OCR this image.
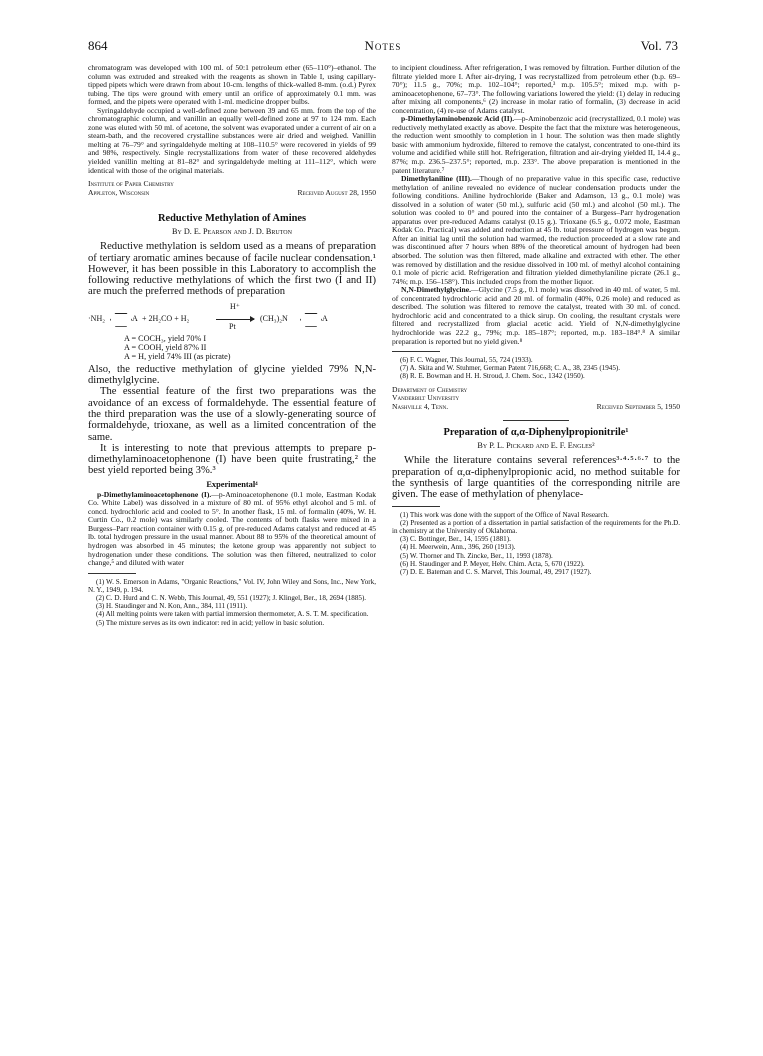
864	Notes	Vol. 73

chromatogram was developed with 100 ml. of 50:1 petroleum ether (65–110°)–ethanol. The column was extruded and streaked with the reagents as shown in Table I, using capillary-tipped pipets which were drawn from about 10-cm. lengths of thick-walled 8-mm. (o.d.) Pyrex tubing. The tips were ground with emery until an orifice of approximately 0.1 mm. was formed, and the pipets were operated with 1-ml. medicine dropper bulbs.

Syringaldehyde occupied a well-defined zone between 39 and 65 mm. from the top of the chromatographic column, and vanillin an equally well-defined zone at 97 to 124 mm. Each zone was eluted with 50 ml. of acetone, the solvent was evaporated under a current of air on a steam-bath, and the recovered crystalline substances were air dried and weighed. Vanillin melting at 76–79° and syringaldehyde melting at 108–110.5° were recovered in yields of 99 and 98%, respectively. Single recrystallizations from water of these recovered aldehydes yielded vanillin melting at 81–82° and syringaldehyde melting at 111–112°, which were identical with those of the original materials.

Institute of Paper Chemistry
Appleton, Wisconsin	Received August 28, 1950
Reductive Methylation of Amines
By D. E. Pearson and J. D. Bruton

Reductive methylation is seldom used as a means of preparation of tertiary aromatic amines because of facile nuclear condensation.¹ However, it has been possible in this Laboratory to accomplish the following reductive methylations of which the first two (I and II) are much the preferred methods of preparation

·NH₂	A + 2H₂CO + H₂
H⁺
Pt
(CH₃)₂N	A
A = COCH₃, yield 70% I
A = COOH, yield 87% II
A = H, yield 74% III (as picrate)

Also, the reductive methylation of glycine yielded 79% N,N-dimethylglycine.

The essential feature of the first two preparations was the avoidance of an excess of formaldehyde. The essential feature of the third preparation was the use of a slowly-generating source of formaldehyde, trioxane, as well as a limited concentration of the same.

It is interesting to note that previous attempts to prepare p-dimethylaminoacetophenone (I) have been quite frustrating,² the best yield reported being 3%.³

Experimental⁴

p-Dimethylaminoacetophenone (I).—p-Aminoacetophenone (0.1 mole, Eastman Kodak Co. White Label) was dissolved in a mixture of 80 ml. of 95% ethyl alcohol and 5 ml. of concd. hydrochloric acid and cooled to 5°. In another flask, 15 ml. of formalin (40%, W. H. Curtin Co., 0.2 mole) was similarly cooled. The contents of both flasks were mixed in a Burgess–Parr reaction container with 0.15 g. of pre-reduced Adams catalyst and reduced at 45 lb. total hydrogen pressure in the usual manner. About 88 to 95% of the theoretical amount of hydrogen was absorbed in 45 minutes; the ketone group was apparently not subject to hydrogenation under these conditions. The solution was then filtered, neutralized to color change,⁵ and diluted with water

(1) W. S. Emerson in Adams, "Organic Reactions," Vol. IV, John Wiley and Sons, Inc., New York, N. Y., 1949, p. 194.

(2) C. D. Hurd and C. N. Webb, This Journal, 49, 551 (1927); J. Klingel, Ber., 18, 2694 (1885).

(3) H. Staudinger and N. Kon, Ann., 384, 111 (1911).

(4) All melting points were taken with partial immersion thermometer, A. S. T. M. specification.

(5) The mixture serves as its own indicator: red in acid; yellow in basic solution.

to incipient cloudiness. After refrigeration, I was removed by filtration. Further dilution of the filtrate yielded more I. After air-drying, I was recrystallized from petroleum ether (b.p. 69–70°); 11.5 g., 70%; m.p. 102–104°; reported,³ m.p. 105.5°; mixed m.p. with p-aminoacetophenone, 67–73°. The following variations lowered the yield: (1) delay in reducing after mixing all components,⁶ (2) increase in molar ratio of formalin, (3) decrease in acid concentration, (4) re-use of Adams catalyst.

p-Dimethylaminobenzoic Acid (II).—p-Aminobenzoic acid (recrystallized, 0.1 mole) was reductively methylated exactly as above. Despite the fact that the mixture was heterogeneous, the reduction went smoothly to completion in 1 hour. The solution was then made slightly basic with ammonium hydroxide, filtered to remove the catalyst, concentrated to one-third its volume and acidified while still hot. Refrigeration, filtration and air-drying yielded II, 14.4 g., 87%; m.p. 236.5–237.5°; reported, m.p. 233°. The above preparation is mentioned in the patent literature.⁷

Dimethylaniline (III).—Though of no preparative value in this specific case, reductive methylation of aniline revealed no evidence of nuclear condensation products under the following conditions. Aniline hydrochloride (Baker and Adamson, 13 g., 0.1 mole) was dissolved in a solution of water (50 ml.), sulfuric acid (50 ml.) and alcohol (50 ml.). The solution was cooled to 0° and poured into the container of a Burgess–Parr hydrogenation apparatus over pre-reduced Adams catalyst (0.15 g.). Trioxane (6.5 g., 0.072 mole, Eastman Kodak Co. Practical) was added and reduction at 45 lb. total pressure of hydrogen was begun. After an initial lag until the solution had warmed, the reduction proceeded at a slow rate and was discontinued after 7 hours when 88% of the theoretical amount of hydrogen had been absorbed. The solution was then filtered, made alkaline and extracted with ether. The ether was removed by distillation and the residue dissolved in 100 ml. of methyl alcohol containing 0.1 mole of picric acid. Refrigeration and filtration yielded dimethylaniline picrate (26.1 g., 74%; m.p. 156–158°). This included crops from the mother liquor.

N,N-Dimethylglycine.—Glycine (7.5 g., 0.1 mole) was dissolved in 40 ml. of water, 5 ml. of concentrated hydrochloric acid and 20 ml. of formalin (40%, 0.26 mole) and reduced as described. The solution was filtered to remove the catalyst, treated with 30 ml. of concd. hydrochloric acid and concentrated to a thick sirup. On cooling, the resultant crystals were filtered and recrystallized from glacial acetic acid. Yield of N,N-dimethylglycine hydrochloride was 22.2 g., 79%; m.p. 185–187°; reported, m.p. 183–184°.⁸ A similar preparation is reported but no yield given.⁸

(6) F. C. Wagner, This Journal, 55, 724 (1933).

(7) A. Skita and W. Stuhmer, German Patent 716,668; C. A., 38, 2345 (1945).

(8) R. E. Bowman and H. H. Stroud, J. Chem. Soc., 1342 (1950).

Department of Chemistry
Vanderbilt University
Nashville 4, Tenn.	Received September 5, 1950
Preparation of α,α-Diphenylpropionitrile¹
By P. L. Pickard and E. F. Engles²

While the literature contains several references³·⁴·⁵·⁶·⁷ to the preparation of α,α-diphenylpropionic acid, no method suitable for the synthesis of large quantities of the corresponding nitrile are given. The ease of methylation of phenylace-

(1) This work was done with the support of the Office of Naval Research.

(2) Presented as a portion of a dissertation in partial satisfaction of the requirements for the Ph.D. in chemistry at the University of Oklahoma.

(3) C. Bottinger, Ber., 14, 1595 (1881).

(4) H. Meerwein, Ann., 396, 260 (1913).

(5) W. Thorner and Th. Zincke, Ber., 11, 1993 (1878).

(6) H. Staudinger and P. Meyer, Helv. Chim. Acta, 5, 670 (1922).

(7) D. E. Bateman and C. S. Marvel, This Journal, 49, 2917 (1927).
